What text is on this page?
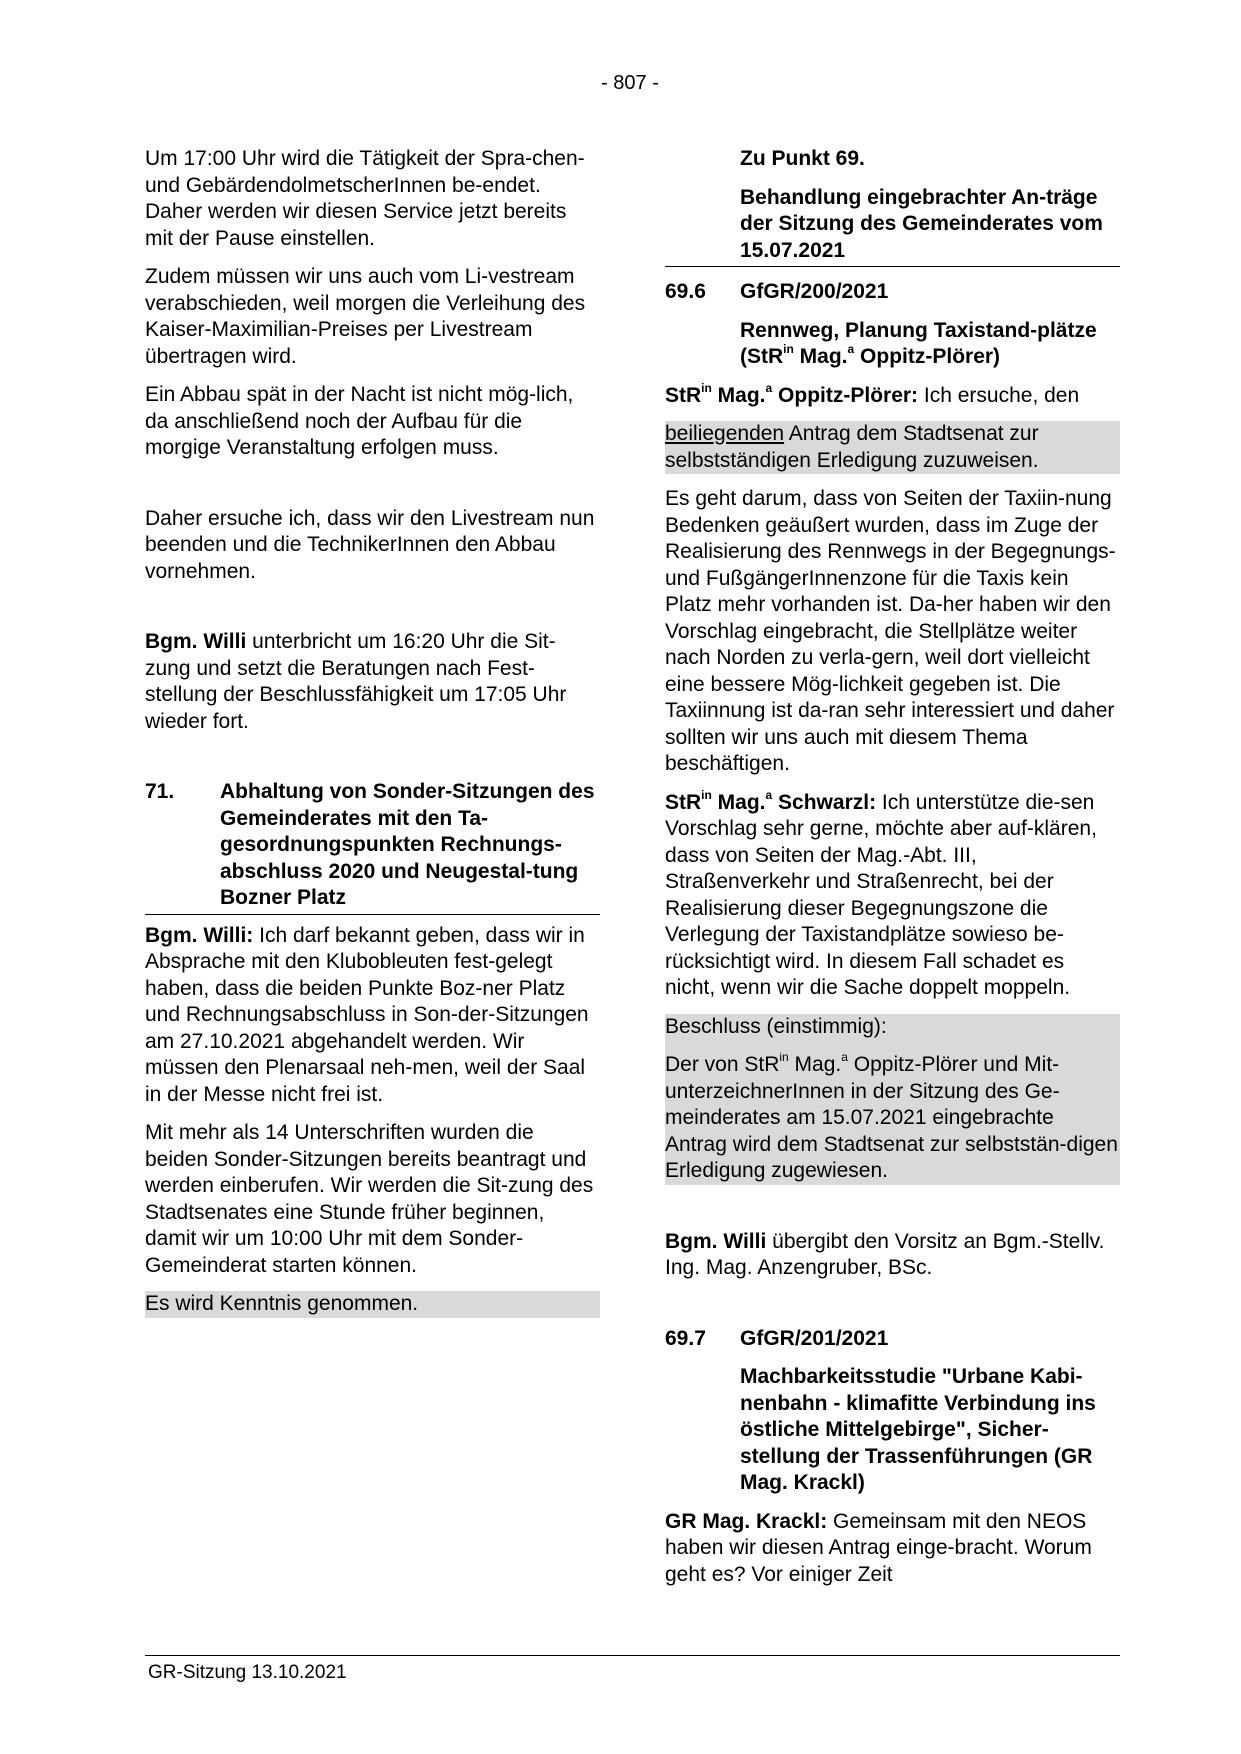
- 807 -

Um 17:00 Uhr wird die Tätigkeit der Spra-chen- und GebärdendolmetscherInnen be-endet. Daher werden wir diesen Service jetzt bereits mit der Pause einstellen.

Zudem müssen wir uns auch vom Li-vestream verabschieden, weil morgen die Verleihung des Kaiser-Maximilian-Preises per Livestream übertragen wird.

Ein Abbau spät in der Nacht ist nicht mög-lich, da anschließend noch der Aufbau für die morgige Veranstaltung erfolgen muss.

Daher ersuche ich, dass wir den Livestream nun beenden und die TechnikerInnen den Abbau vornehmen.

Bgm. Willi unterbricht um 16:20 Uhr die Sit-zung und setzt die Beratungen nach Fest-stellung der Beschlussfähigkeit um 17:05 Uhr wieder fort.

71.	Abhaltung von Sonder-Sitzungen des Gemeinderates mit den Ta-gesordnungspunkten Rechnungs-abschluss 2020 und Neugestal-tung Bozner Platz

Bgm. Willi: Ich darf bekannt geben, dass wir in Absprache mit den Klubobleuten fest-gelegt haben, dass die beiden Punkte Boz-ner Platz und Rechnungsabschluss in Son-der-Sitzungen am 27.10.2021 abgehandelt werden. Wir müssen den Plenarsaal neh-men, weil der Saal in der Messe nicht frei ist.

Mit mehr als 14 Unterschriften wurden die beiden Sonder-Sitzungen bereits beantragt und werden einberufen. Wir werden die Sit-zung des Stadtsenates eine Stunde früher beginnen, damit wir um 10:00 Uhr mit dem Sonder-Gemeinderat starten können.

Es wird Kenntnis genommen.

Zu Punkt 69.

Behandlung eingebrachter An-träge der Sitzung des Gemeinderates vom 15.07.2021

69.6	GfGR/200/2021

Rennweg, Planung Taxistand-plätze (StR$^{in}$ Mag.$^a$ Oppitz-Plörer)

StR$^{in}$ Mag.$^a$ Oppitz-Plörer: Ich ersuche, den

beiliegenden Antrag dem Stadtsenat zur selbstständigen Erledigung zuzuweisen.

Es geht darum, dass von Seiten der Taxiin-nung Bedenken geäußert wurden, dass im Zuge der Realisierung des Rennwegs in der Begegnungs- und FußgängerInnenzone für die Taxis kein Platz mehr vorhanden ist. Da-her haben wir den Vorschlag eingebracht, die Stellplätze weiter nach Norden zu verla-gern, weil dort vielleicht eine bessere Mög-lichkeit gegeben ist. Die Taxiinnung ist da-ran sehr interessiert und daher sollten wir uns auch mit diesem Thema beschäftigen.

StR$^{in}$ Mag.$^a$ Schwarzl: Ich unterstütze die-sen Vorschlag sehr gerne, möchte aber auf-klären, dass von Seiten der Mag.-Abt. III, Straßenverkehr und Straßenrecht, bei der Realisierung dieser Begegnungszone die Verlegung der Taxistandplätze sowieso be-rücksichtigt wird. In diesem Fall schadet es nicht, wenn wir die Sache doppelt moppeln.

Beschluss (einstimmig):

Der von StR$^{in}$ Mag.$^a$ Oppitz-Plörer und Mit-unterzeichnerInnen in der Sitzung des Ge-meinderates am 15.07.2021 eingebrachte Antrag wird dem Stadtsenat zur selbststän-digen Erledigung zugewiesen.

Bgm. Willi übergibt den Vorsitz an Bgm.-Stellv. Ing. Mag. Anzengruber, BSc.

69.7	GfGR/201/2021

Machbarkeitsstudie "Urbane Kabi-nenbahn - klimafitte Verbindung ins östliche Mittelgebirge", Sicher-stellung der Trassenführungen (GR Mag. Krackl)

GR Mag. Krackl: Gemeinsam mit den NEOS haben wir diesen Antrag einge-bracht. Worum geht es? Vor einiger Zeit

GR-Sitzung 13.10.2021
